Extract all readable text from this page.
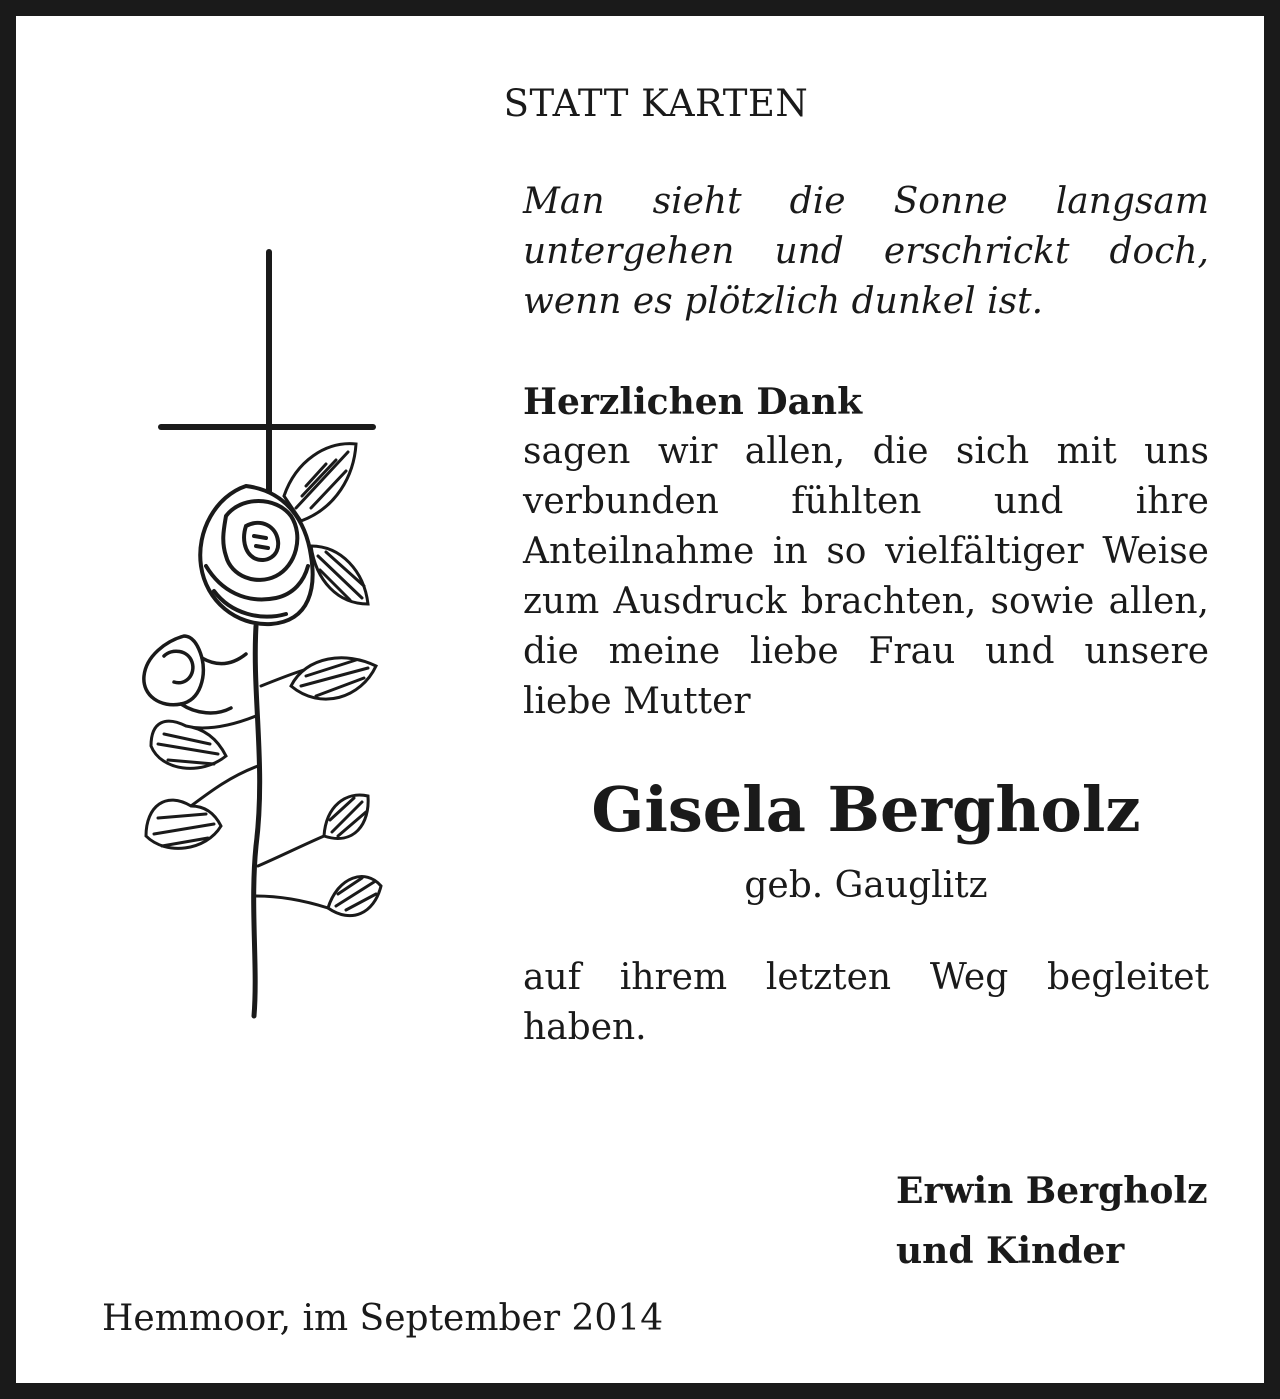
STATT KARTEN

Man sieht die Sonne langsam untergehen und erschrickt doch, wenn es plötzlich dunkel ist.

Herzlichen Dank

sagen wir allen, die sich mit uns verbunden fühlten und ihre Anteilnahme in so vielfältiger Weise zum Ausdruck brachten, sowie allen, die meine liebe Frau und unsere liebe Mutter

Gisela Bergholz
geb. Gauglitz

auf ihrem letzten Weg begleitet haben.

Erwin Bergholz
und Kinder
Hemmoor, im September 2014
